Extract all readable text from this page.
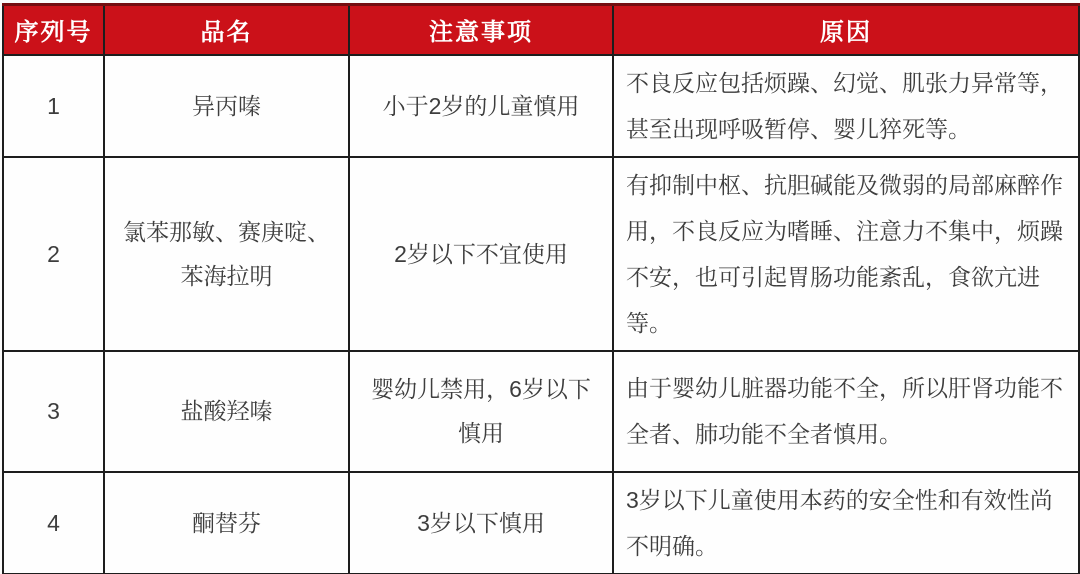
序列号	品名	注意事项	原因
1	异丙嗪	小于2岁的儿童慎用	不良反应包括烦躁、幻觉、肌张力异常等，甚至出现呼吸暂停、婴儿猝死等。
2	氯苯那敏、赛庚啶、苯海拉明	2岁以下不宜使用	有抑制中枢、抗胆碱能及微弱的局部麻醉作用，不良反应为嗜睡、注意力不集中，烦躁不安，也可引起胃肠功能紊乱，食欲亢进等。
3	盐酸羟嗪	婴幼儿禁用，6岁以下慎用	由于婴幼儿脏器功能不全，所以肝肾功能不全者、肺功能不全者慎用。
4	酮替芬	3岁以下慎用	3岁以下儿童使用本药的安全性和有效性尚不明确。
